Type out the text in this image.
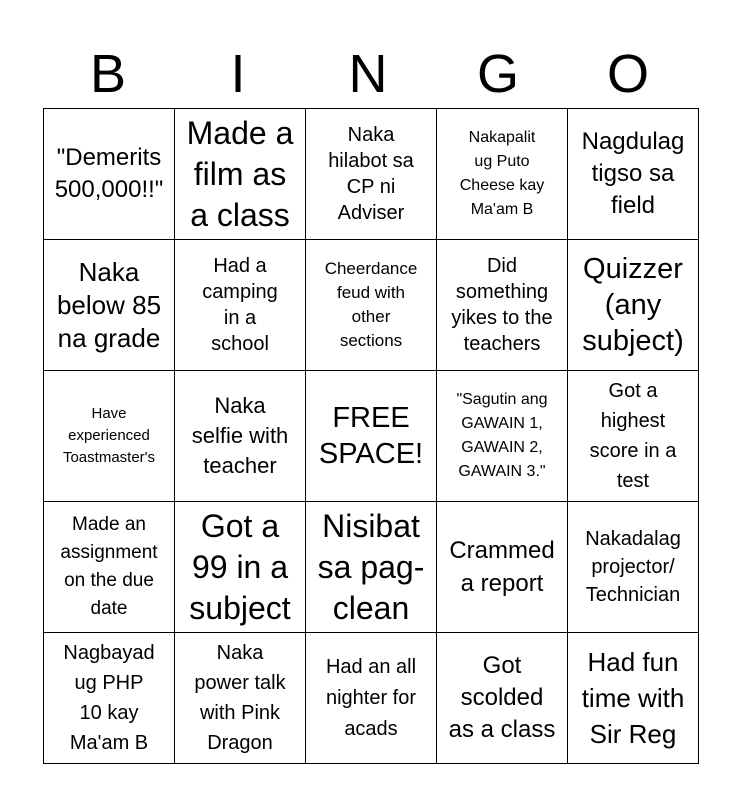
B	I	N	G	O
"Demerits
500,000!!"	Made a
film as
a class	Naka
hilabot sa
CP ni
Adviser	Nakapalit
ug Puto
Cheese kay
Ma'am B	Nagdulag
tigso sa
field

Naka
below 85
na grade	Had a
camping
in a
school	Cheerdance
feud with
other
sections	Did
something
yikes to the
teachers	Quizzer
(any
subject)

Have
experienced
Toastmaster's	Naka
selfie with
teacher	FREE
SPACE!	"Sagutin ang
GAWAIN 1,
GAWAIN 2,
GAWAIN 3."	Got a
highest
score in a
test

Made an
assignment
on the due
date	Got a
99 in a
subject	Nisibat
sa pag-
clean	Crammed
a report	Nakadalag
projector/
Technician

Nagbayad
ug PHP
10 kay
Ma'am B	Naka
power talk
with Pink
Dragon	Had an all
nighter for
acads	Got
scolded
as a class	Had fun
time with
Sir Reg
